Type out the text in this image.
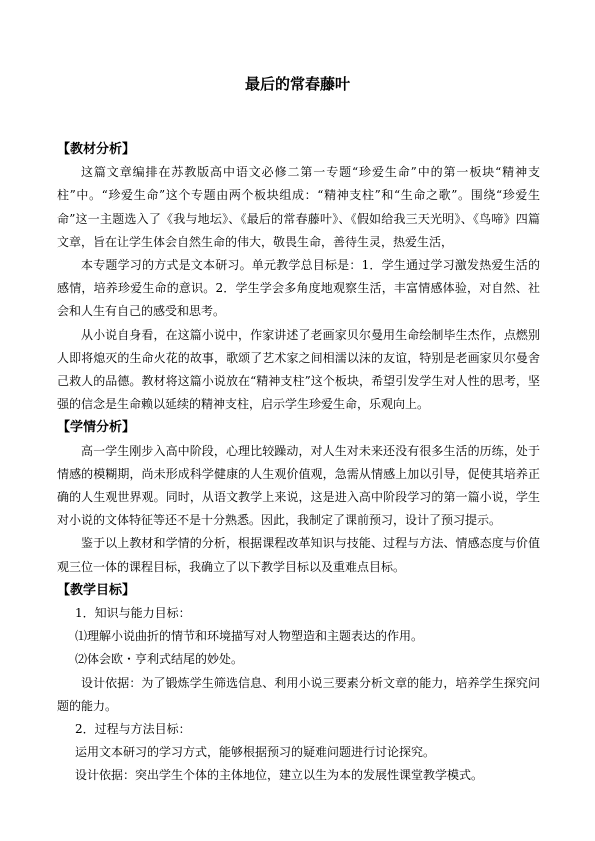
最后的常春藤叶
【教材分析】

这篇文章编排在苏教版高中语文必修二第一专题“珍爱生命”中的第一板块“精神支柱”中。“珍爱生命”这个专题由两个板块组成：“精神支柱”和“生命之歌”。围绕“珍爱生命”这一主题选入了《我与地坛》、《最后的常春藤叶》、《假如给我三天光明》、《鸟啼》四篇文章，旨在让学生体会自然生命的伟大，敬畏生命，善待生灵，热爱生活，

本专题学习的方式是文本研习。单元教学总目标是：1．学生通过学习激发热爱生活的感情，培养珍爱生命的意识。2．学生学会多角度地观察生活，丰富情感体验，对自然、社会和人生有自己的感受和思考。

从小说自身看，在这篇小说中，作家讲述了老画家贝尔曼用生命绘制毕生杰作，点燃别人即将熄灭的生命火花的故事，歌颂了艺术家之间相濡以沫的友谊，特别是老画家贝尔曼舍己救人的品德。教材将这篇小说放在“精神支柱”这个板块，希望引发学生对人性的思考，坚强的信念是生命赖以延续的精神支柱，启示学生珍爱生命，乐观向上。

【学情分析】

高一学生刚步入高中阶段，心理比较躁动，对人生对未来还没有很多生活的历练，处于情感的模糊期，尚未形成科学健康的人生观价值观，急需从情感上加以引导，促使其培养正确的人生观世界观。同时，从语文教学上来说，这是进入高中阶段学习的第一篇小说，学生对小说的文体特征等还不是十分熟悉。因此，我制定了课前预习，设计了预习提示。

鉴于以上教材和学情的分析，根据课程改革知识与技能、过程与方法、情感态度与价值观三位一体的课程目标，我确立了以下教学目标以及重难点目标。

【教学目标】

1．知识与能力目标：

⑴理解小说曲折的情节和环境描写对人物塑造和主题表达的作用。

⑵体会欧・亨利式结尾的妙处。

设计依据：为了锻炼学生筛选信息、利用小说三要素分析文章的能力，培养学生探究问题的能力。

2．过程与方法目标：

运用文本研习的学习方式，能够根据预习的疑难问题进行讨论探究。

设计依据：突出学生个体的主体地位，建立以生为本的发展性课堂教学模式。
